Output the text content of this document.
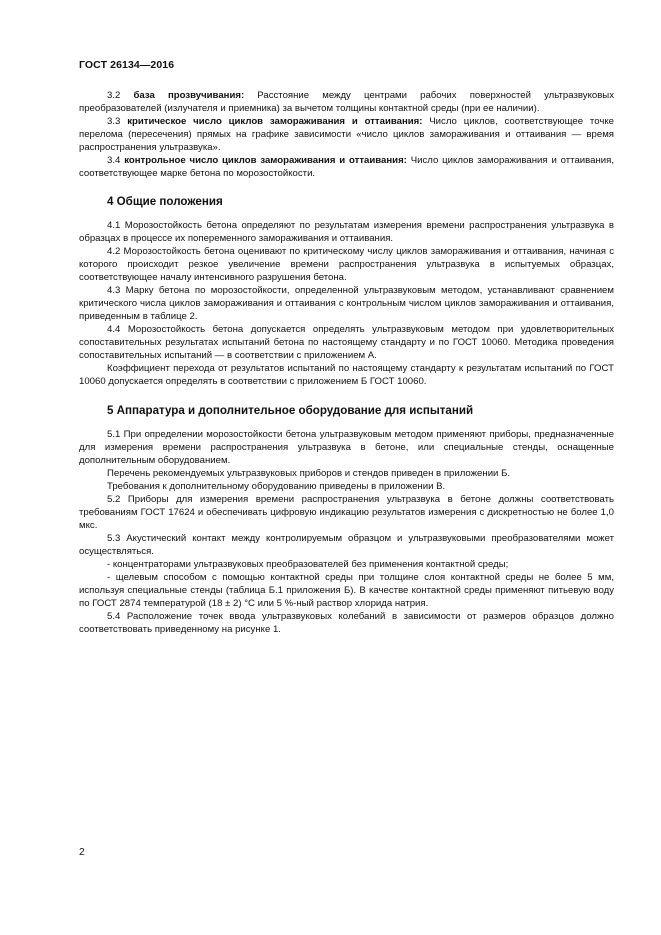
ГОСТ 26134—2016

3.2 база прозвучивания: Расстояние между центрами рабочих поверхностей ультразвуковых преобразователей (излучателя и приемника) за вычетом толщины контактной среды (при ее наличии).

3.3 критическое число циклов замораживания и оттаивания: Число циклов, соответствующее точке перелома (пересечения) прямых на графике зависимости «число циклов замораживания и оттаивания — время распространения ультразвука».

3.4 контрольное число циклов замораживания и оттаивания: Число циклов замораживания и оттаивания, соответствующее марке бетона по морозостойкости.

4 Общие положения

4.1 Морозостойкость бетона определяют по результатам измерения времени распространения ультразвука в образцах в процессе их попеременного замораживания и оттаивания.

4.2 Морозостойкость бетона оценивают по критическому числу циклов замораживания и оттаивания, начиная с которого происходит резкое увеличение времени распространения ультразвука в испытуемых образцах, соответствующее началу интенсивного разрушения бетона.

4.3 Марку бетона по морозостойкости, определенной ультразвуковым методом, устанавливают сравнением критического числа циклов замораживания и оттаивания с контрольным числом циклов замораживания и оттаивания, приведенным в таблице 2.

4.4 Морозостойкость бетона допускается определять ультразвуковым методом при удовлетворительных сопоставительных результатах испытаний бетона по настоящему стандарту и по ГОСТ 10060. Методика проведения сопоставительных испытаний — в соответствии с приложением А.

Коэффициент перехода от результатов испытаний по настоящему стандарту к результатам испытаний по ГОСТ 10060 допускается определять в соответствии с приложением Б ГОСТ 10060.

5 Аппаратура и дополнительное оборудование для испытаний

5.1 При определении морозостойкости бетона ультразвуковым методом применяют приборы, предназначенные для измерения времени распространения ультразвука в бетоне, или специальные стенды, оснащенные дополнительным оборудованием.

Перечень рекомендуемых ультразвуковых приборов и стендов приведен в приложении Б.

Требования к дополнительному оборудованию приведены в приложении В.

5.2 Приборы для измерения времени распространения ультразвука в бетоне должны соответствовать требованиям ГОСТ 17624 и обеспечивать цифровую индикацию результатов измерения с дискретностью не более 1,0 мкс.

5.3 Акустический контакт между контролируемым образцом и ультразвуковыми преобразователями может осуществляться.

- концентраторами ультразвуковых преобразователей без применения контактной среды;

- щелевым способом с помощью контактной среды при толщине слоя контактной среды не более 5 мм, используя специальные стенды (таблица Б.1 приложения Б). В качестве контактной среды применяют питьевую воду по ГОСТ 2874 температурой (18 ± 2) °С или 5 %-ный раствор хлорида натрия.

5.4 Расположение точек ввода ультразвуковых колебаний в зависимости от размеров образцов должно соответствовать приведенному на рисунке 1.

2
